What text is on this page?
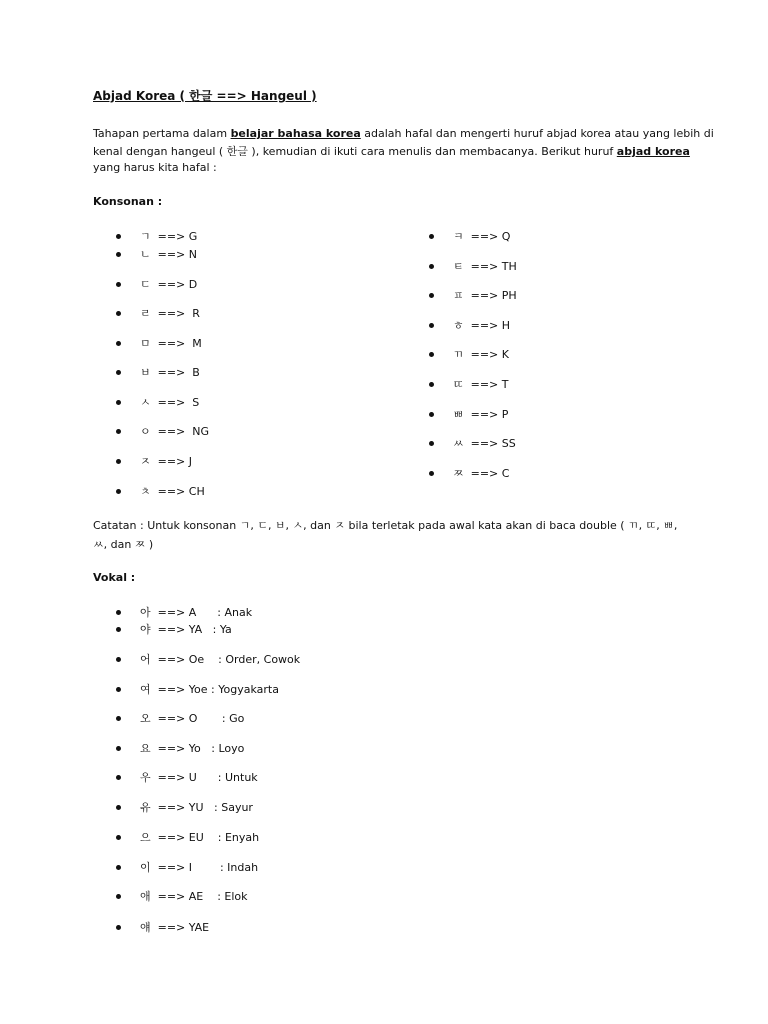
Abjad Korea ( 한글 ==> Hangeul )
Tahapan pertama dalam belajar bahasa korea adalah hafal dan mengerti huruf abjad korea atau yang lebih di
kenal dengan hangeul ( 한글 ), kemudian di ikuti cara menulis dan membacanya. Berikut huruf abjad korea
yang harus kita hafal :
Konsonan :
ㄱ  ==> G
ㄴ  ==> N
ㄷ  ==> D
ㄹ  ==>  R
ㅁ  ==>  M
ㅂ  ==>  B
ㅅ  ==>  S
ㅇ  ==>  NG
ㅈ  ==> J
ㅊ  ==> CH
ㅋ  ==> Q
ㅌ  ==> TH
ㅍ  ==> PH
ㅎ  ==> H
ㄲ  ==> K
ㄸ  ==> T
ㅃ  ==> P
ㅆ  ==> SS
ㅉ  ==> C
Catatan : Untuk konsonan ㄱ, ㄷ, ㅂ, ㅅ, dan ㅈ bila terletak pada awal kata akan di baca double ( ㄲ, ㄸ, ㅃ,
ㅆ, dan ㅉ )
Vokal :
아  ==> A      : Anak
야  ==> YA   : Ya
어  ==> Oe    : Order, Cowok
여  ==> Yoe : Yogyakarta
오  ==> O       : Go
요  ==> Yo   : Loyo
우  ==> U      : Untuk
유  ==> YU   : Sayur
으  ==> EU    : Enyah
이  ==> I        : Indah
애  ==> AE    : Elok
얘  ==> YAE
